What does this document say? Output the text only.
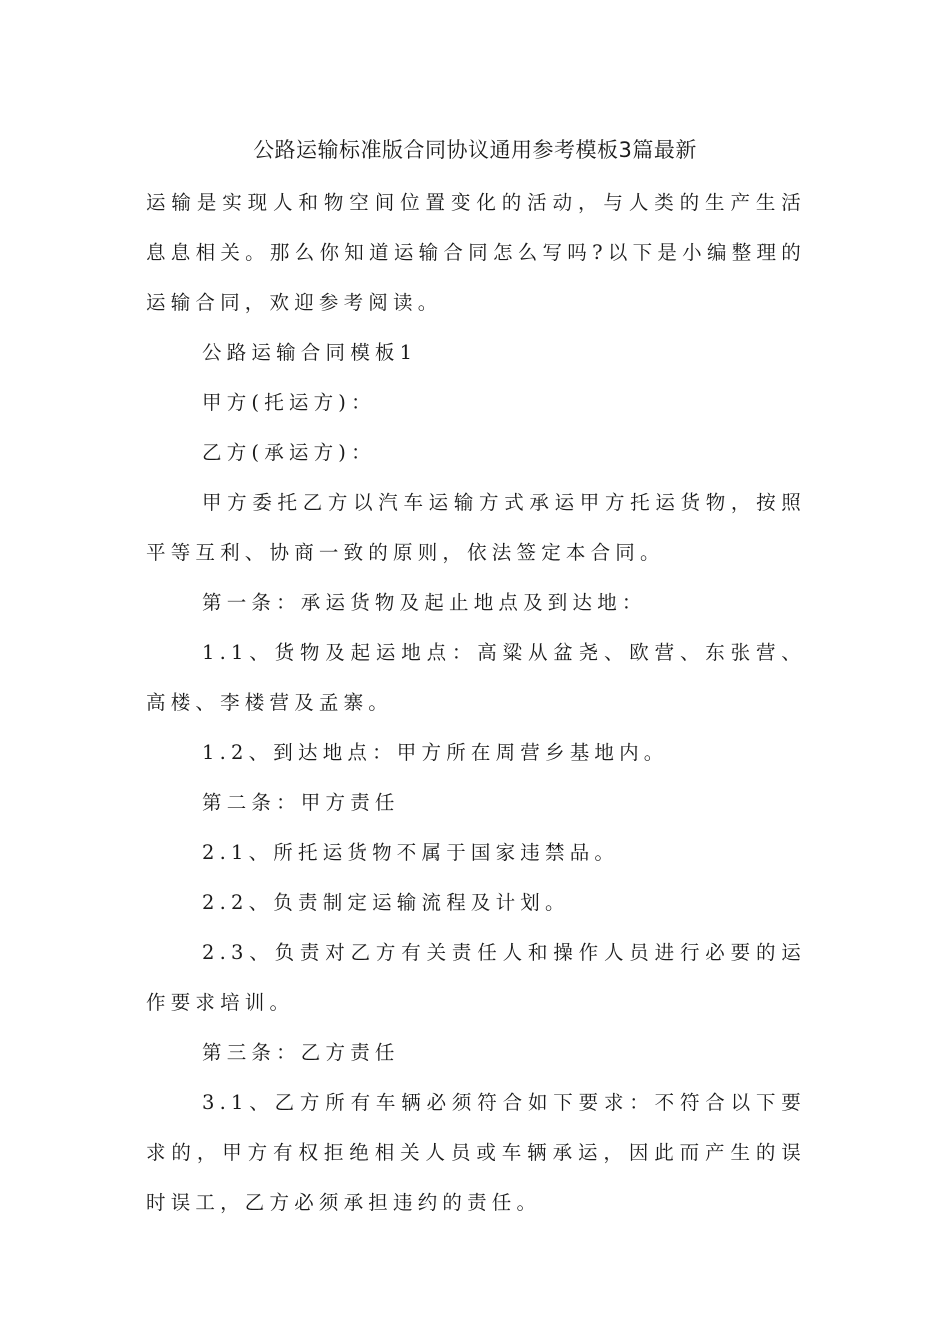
公路运输标准版合同协议通用参考模板3篇最新

运输是实现人和物空间位置变化的活动，与人类的生产生活息息相关。那么你知道运输合同怎么写吗?以下是小编整理的运输合同，欢迎参考阅读。

公路运输合同模板1

甲方(托运方)：

乙方(承运方)：

甲方委托乙方以汽车运输方式承运甲方托运货物，按照平等互利、协商一致的原则，依法签定本合同。

第一条：承运货物及起止地点及到达地：

1.1、货物及起运地点：高粱从盆尧、欧营、东张营、高楼、李楼营及孟寨。

1.2、到达地点：甲方所在周营乡基地内。

第二条：甲方责任

2.1、所托运货物不属于国家违禁品。

2.2、负责制定运输流程及计划。

2.3、负责对乙方有关责任人和操作人员进行必要的运作要求培训。

第三条：乙方责任

3.1、乙方所有车辆必须符合如下要求：不符合以下要求的，甲方有权拒绝相关人员或车辆承运，因此而产生的误时误工，乙方必须承担违约的责任。
